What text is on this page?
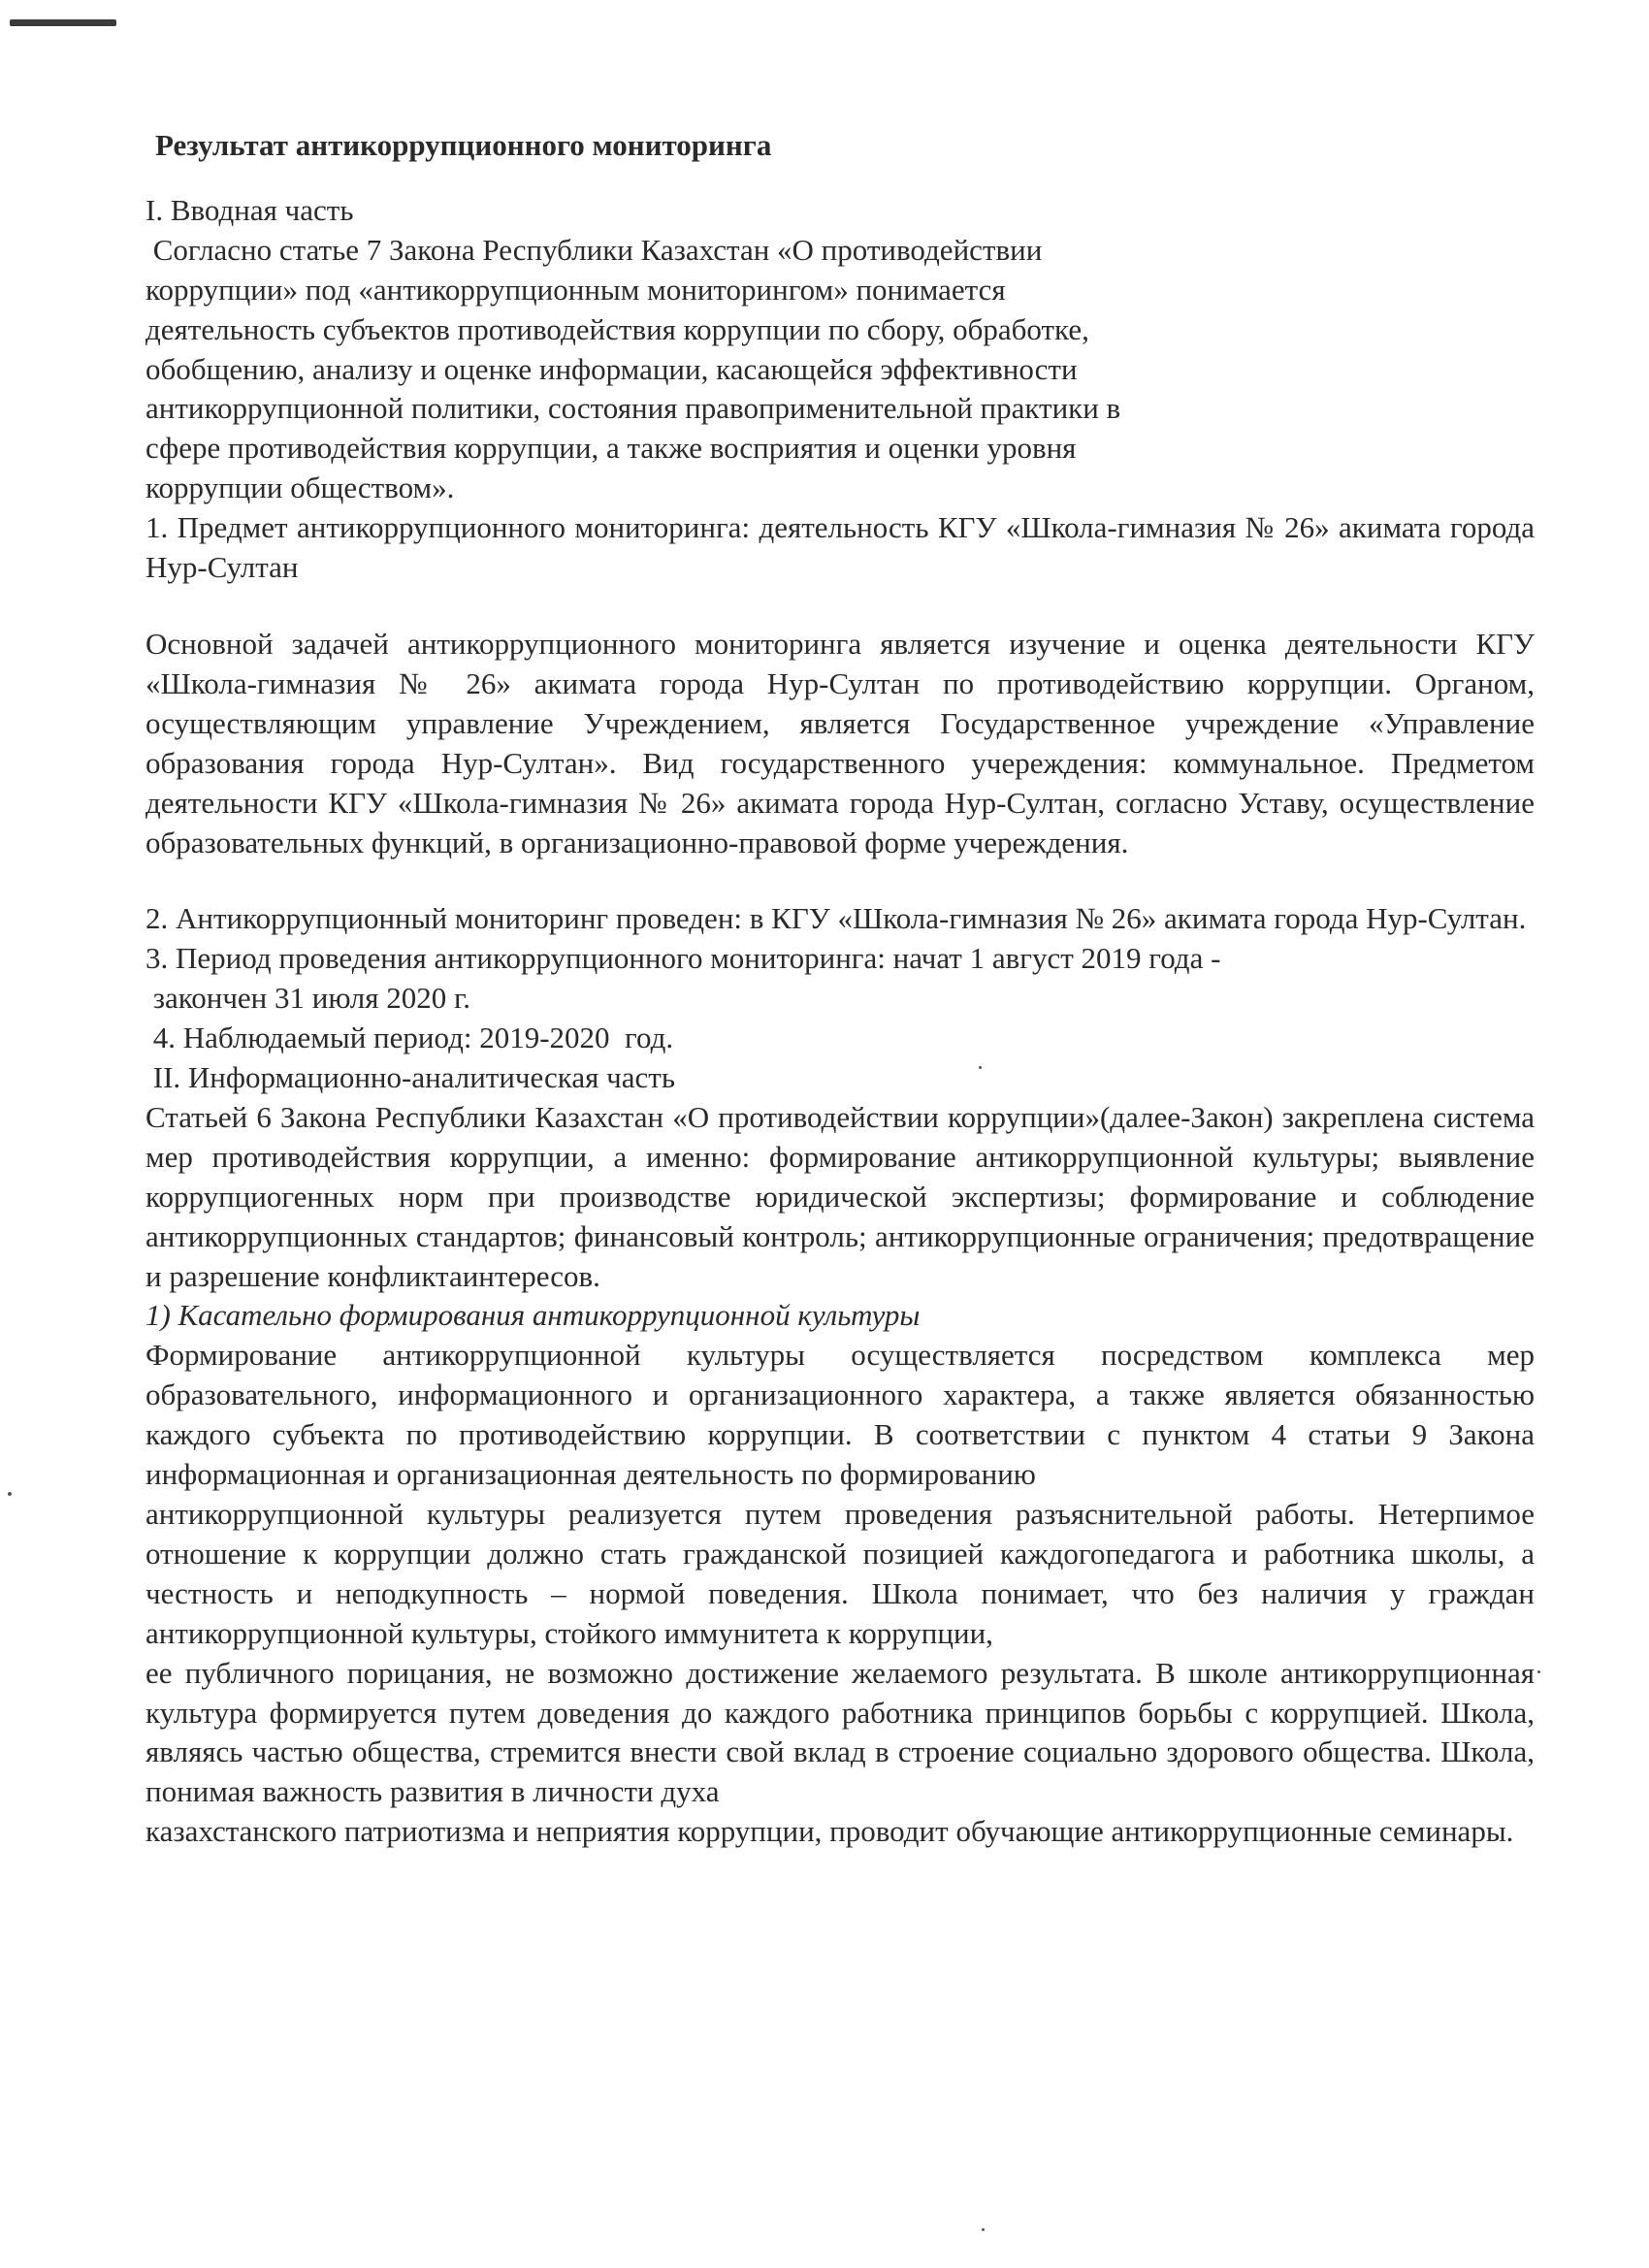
Результат антикоррупционного мониторинга

I. Вводная часть

Согласно статье 7 Закона Республики Казахстан «О противодействии

коррупции» под «антикоррупционным мониторингом» понимается

деятельность субъектов противодействия коррупции по сбору, обработке,

обобщению, анализу и оценке информации, касающейся эффективности

антикоррупционной политики, состояния правоприменительной практики в

сфере противодействия коррупции, а также восприятия и оценки уровня

коррупции обществом».

1. Предмет антикоррупционного мониторинга: деятельность КГУ «Школа-гимназия № 26» акимата города Нур-Султан

Основной задачей антикоррупционного мониторинга является изучение и оценка деятельности КГУ «Школа-гимназия № 26» акимата города Нур-Султан по противодействию коррупции. Органом, осуществляющим управление Учреждением, является Государственное учреждение «Управление образования города Нур-Султан». Вид государственного учереждения: коммунальное. Предметом деятельности КГУ «Школа-гимназия № 26» акимата города Нур-Султан, согласно Уставу, осуществление образовательных функций, в организационно-правовой форме учереждения.

2. Антикоррупционный мониторинг проведен: в КГУ «Школа-гимназия № 26» акимата города Нур-Султан.

3. Период проведения антикоррупционного мониторинга: начат 1 август 2019 года -

закончен 31 июля 2020 г.

4. Наблюдаемый период: 2019-2020  год.

II. Информационно-аналитическая часть

Статьей 6 Закона Республики Казахстан «О противодействии коррупции»(далее-Закон) закреплена система мер противодействия коррупции, а именно: формирование антикоррупционной культуры; выявление коррупциогенных норм при производстве юридической экспертизы; формирование и соблюдение антикоррупционных стандартов; финансовый контроль; антикоррупционные ограничения; предотвращение и разрешение конфликтаинтересов.

1) Касательно формирования антикоррупционной культуры

Формирование антикоррупционной культуры осуществляется посредством комплекса мер образовательного, информационного и организационного характера, а также является обязанностью каждого субъекта по противодействию коррупции. В соответствии с пунктом 4 статьи 9 Закона информационная и организационная деятельность по формированию

антикоррупционной культуры реализуется путем проведения разъяснительной работы. Нетерпимое отношение к коррупции должно стать гражданской позицией каждогопедагога и работника школы, а честность и неподкупность – нормой поведения. Школа понимает, что без наличия у граждан антикоррупционной культуры, стойкого иммунитета к коррупции,

ее публичного порицания, не возможно достижение желаемого результата. В школе антикоррупционная культура формируется путем доведения до каждого работника принципов борьбы с коррупцией. Школа, являясь частью общества, стремится внести свой вклад в строение социально здорового общества. Школа, понимая важность развития в личности духа

казахстанского патриотизма и неприятия коррупции, проводит обучающие антикоррупционные семинары.
